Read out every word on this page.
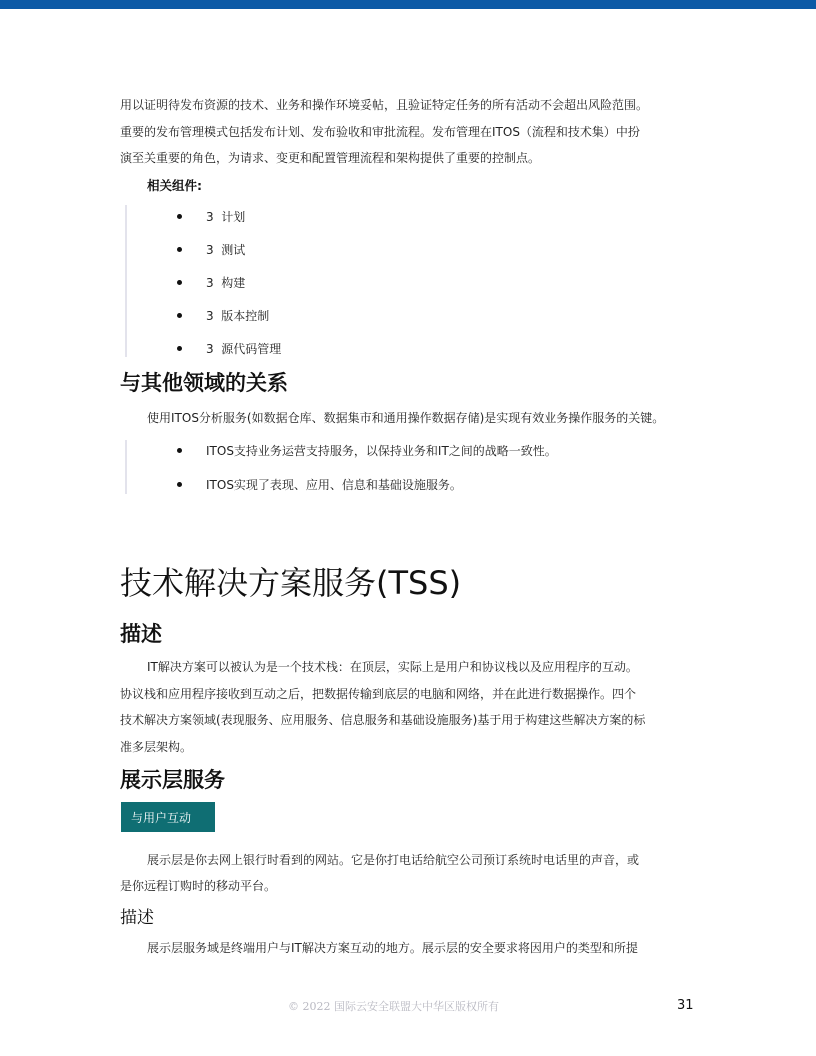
用以证明待发布资源的技术、业务和操作环境妥帖，且验证特定任务的所有活动不会超出风险范围。
重要的发布管理模式包括发布计划、发布验收和审批流程。发布管理在ITOS（流程和技术集）中扮
演至关重要的角色，为请求、变更和配置管理流程和架构提供了重要的控制点。
相关组件:
3 计划
3 测试
3 构建
3 版本控制
3 源代码管理
与其他领域的关系
使用ITOS分析服务(如数据仓库、数据集市和通用操作数据存储)是实现有效业务操作服务的关键。
ITOS支持业务运营支持服务，以保持业务和IT之间的战略一致性。
ITOS实现了表现、应用、信息和基础设施服务。
技术解决方案服务(TSS)
描述
IT解决方案可以被认为是一个技术栈：在顶层，实际上是用户和协议栈以及应用程序的互动。
协议栈和应用程序接收到互动之后，把数据传输到底层的电脑和网络，并在此进行数据操作。四个
技术解决方案领域(表现服务、应用服务、信息服务和基础设施服务)基于用于构建这些解决方案的标
准多层架构。
展示层服务
与用户互动
展示层是你去网上银行时看到的网站。它是你打电话给航空公司预订系统时电话里的声音，或
是你远程订购时的移动平台。
描述
展示层服务域是终端用户与IT解决方案互动的地方。展示层的安全要求将因用户的类型和所提
© 2022 国际云安全联盟大中华区版权所有	31
